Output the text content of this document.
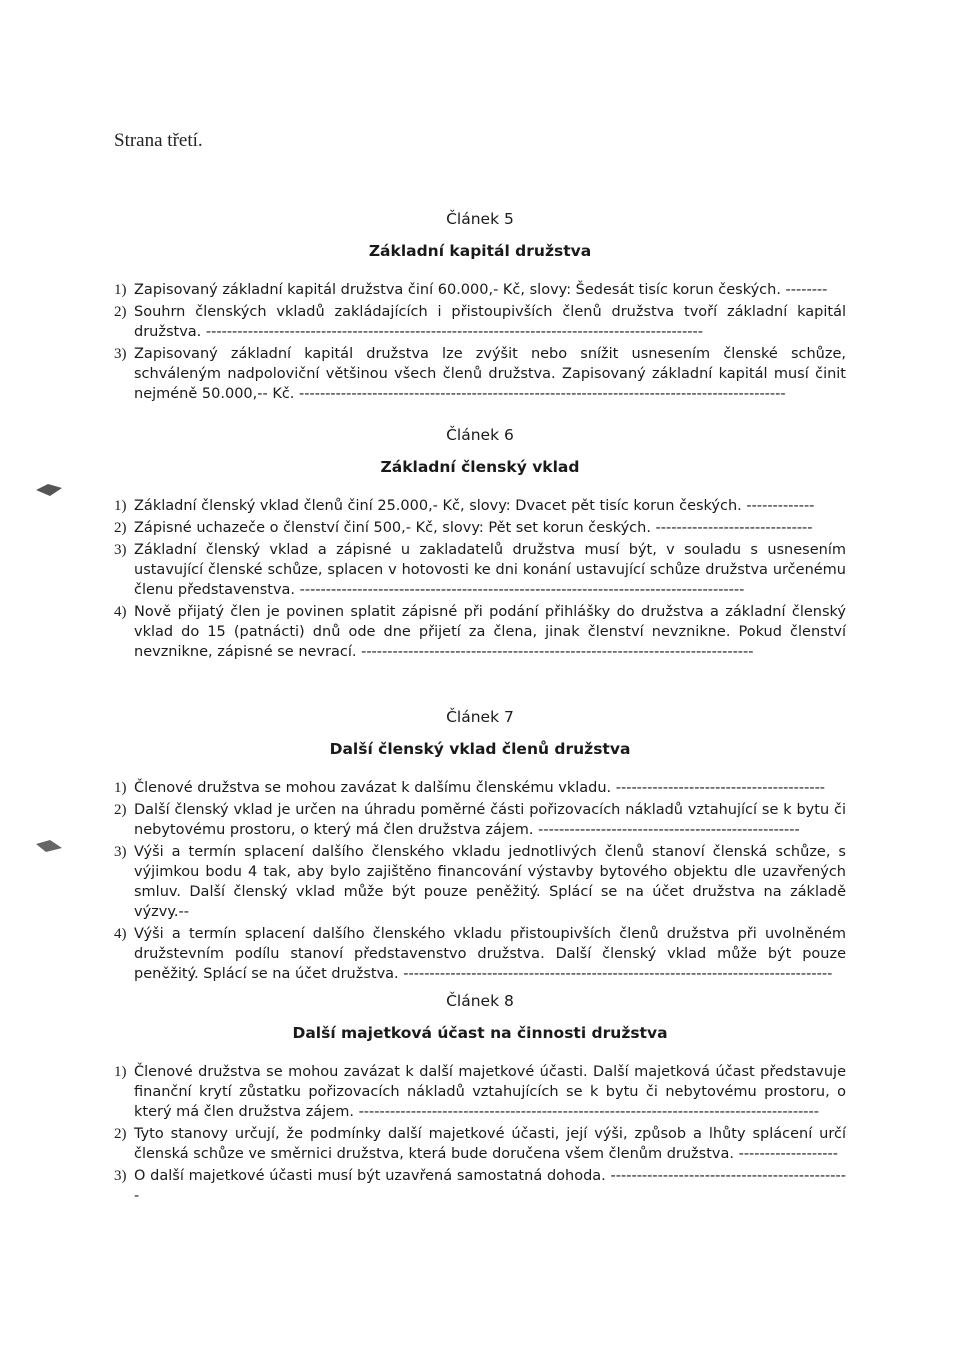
Strana třetí.
Článek 5
Základní kapitál družstva
1) Zapisovaný základní kapitál družstva činí 60.000,- Kč, slovy: Šedesát tisíc korun českých. --------
2) Souhrn členských vkladů zakládajících i přistoupivších členů družstva tvoří základní kapitál družstva. -----------------------------------------------------------------------------------------------
3) Zapisovaný základní kapitál družstva lze zvýšit nebo snížit usnesením členské schůze, schváleným nadpoloviční většinou všech členů družstva. Zapisovaný základní kapitál musí činit nejméně 50.000,-- Kč. ---------------------------------------------------------------------------------------------
Článek 6
Základní členský vklad
1) Základní členský vklad členů činí 25.000,- Kč, slovy: Dvacet pět tisíc korun českých. -------------
2) Zápisné uchazeče o členství činí 500,- Kč, slovy: Pět set korun českých. ------------------------------
3) Základní členský vklad a zápisné u zakladatelů družstva musí být, v souladu s usnesením ustavující členské schůze, splacen v hotovosti ke dni konání ustavující schůze družstva určenému členu představenstva. -------------------------------------------------------------------------------------
4) Nově přijatý člen je povinen splatit zápisné při podání přihlášky do družstva a základní členský vklad do 15 (patnácti) dnů ode dne přijetí za člena, jinak členství nevznikne. Pokud členství nevznikne, zápisné se nevrací. ---------------------------------------------------------------------------
Článek 7
Další členský vklad členů družstva
1) Členové družstva se mohou zavázat k dalšímu členskému vkladu. ----------------------------------------
2) Další členský vklad je určen na úhradu poměrné části pořizovacích nákladů vztahující se k bytu či nebytovému prostoru, o který má člen družstva zájem. --------------------------------------------------
3) Výši a termín splacení dalšího členského vkladu jednotlivých členů stanoví členská schůze, s výjimkou bodu 4 tak, aby bylo zajištěno financování výstavby bytového objektu dle uzavřených smluv. Další členský vklad může být pouze peněžitý. Splácí se na účet družstva na základě výzvy.--
4) Výši a termín splacení dalšího členského vkladu přistoupivších členů družstva při uvolněném družstevním podílu stanoví představenstvo družstva. Další členský vklad může být pouze peněžitý. Splácí se na účet družstva. ----------------------------------------------------------------------------------
Článek 8
Další majetková účast na činnosti družstva
1) Členové družstva se mohou zavázat k další majetkové účasti. Další majetková účast představuje finanční krytí zůstatku pořizovacích nákladů vztahujících se k bytu či nebytovému prostoru, o který má člen družstva zájem. ----------------------------------------------------------------------------------------
2) Tyto stanovy určují, že podmínky další majetkové účasti, její výši, způsob a lhůty splácení určí členská schůze ve směrnici družstva, která bude doručena všem členům družstva. -------------------
3) O další majetkové účasti musí být uzavřená samostatná dohoda. ----------------------------------------------
